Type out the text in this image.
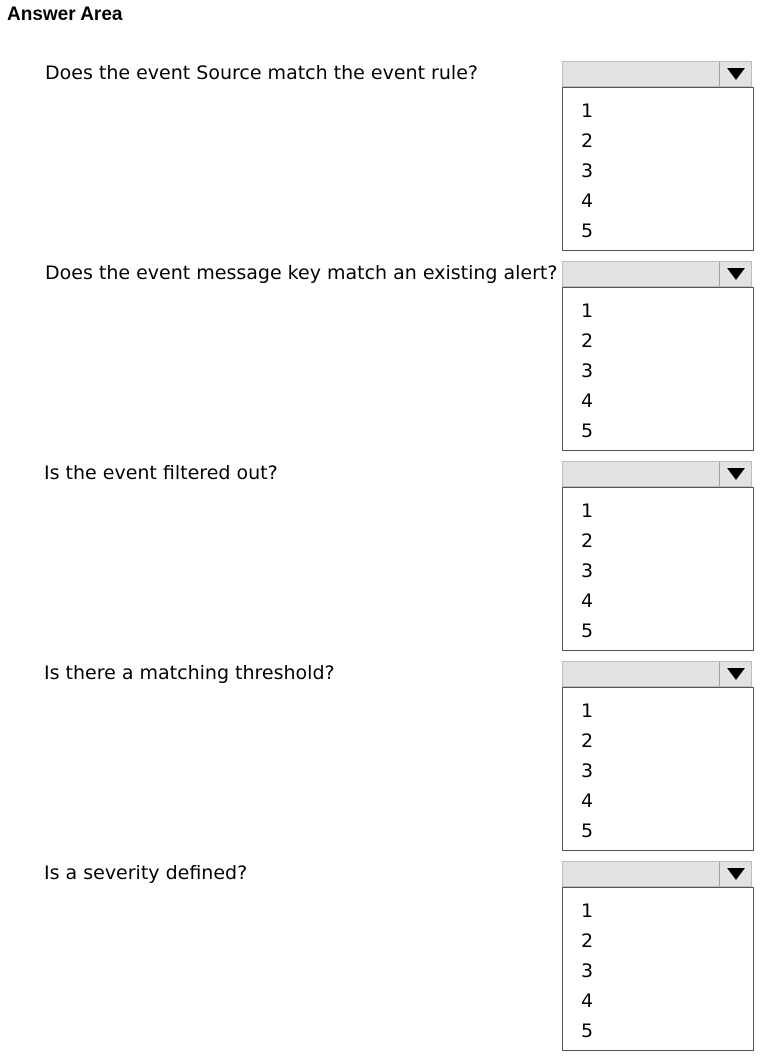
Answer Area
Does the event Source match the event rule?
1
2
3
4
5
Does the event message key match an existing alert?
1
2
3
4
5
Is the event filtered out?
1
2
3
4
5
Is there a matching threshold?
1
2
3
4
5
Is a severity defined?
1
2
3
4
5
